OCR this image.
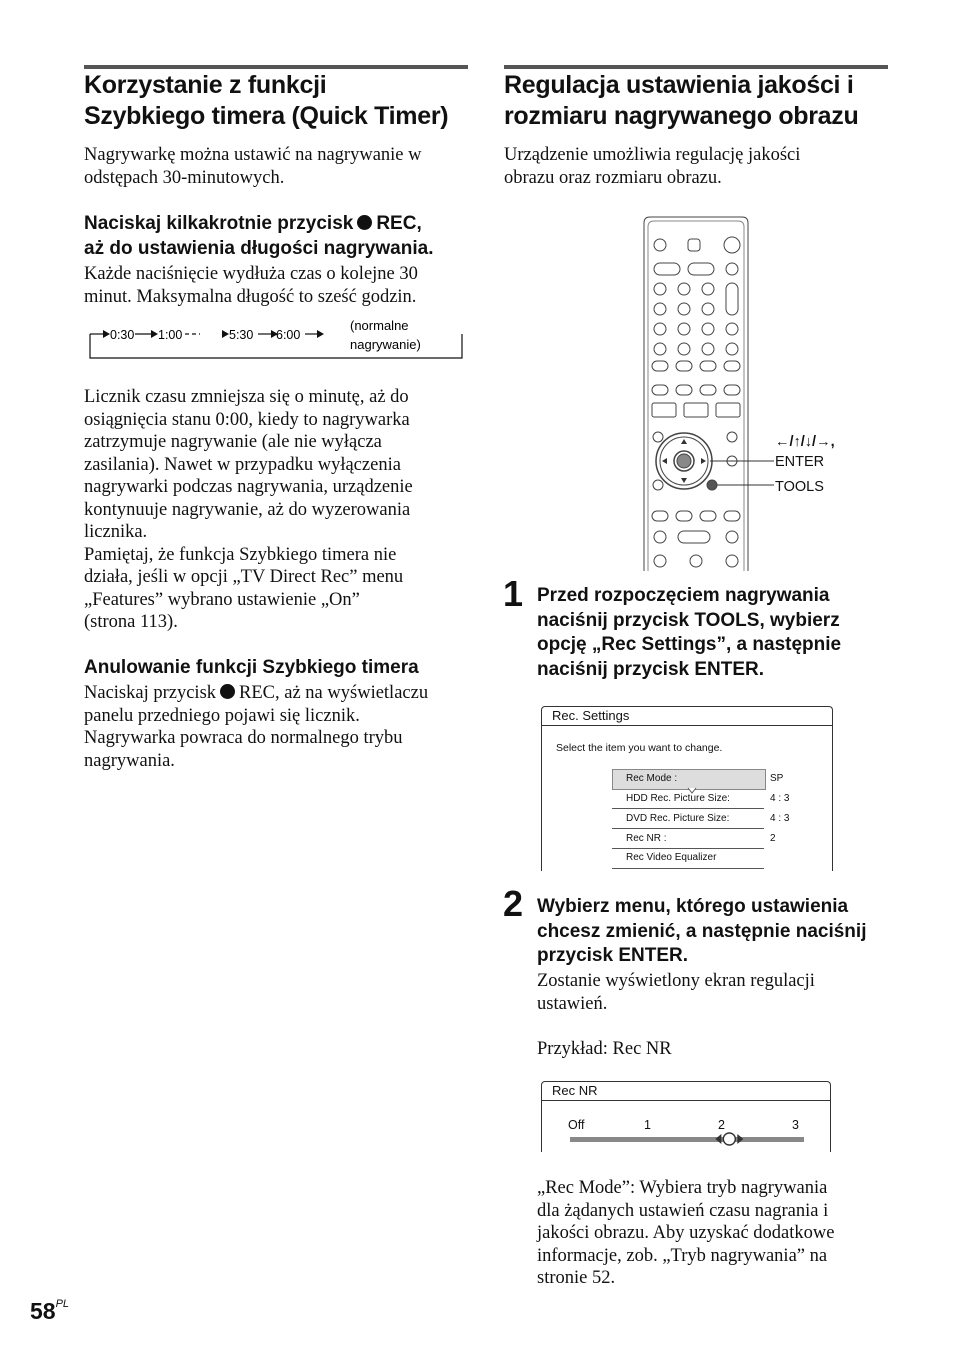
Korzystanie z funkcji
Szybkiego timera (Quick Timer)
Nagrywarkę można ustawić na nagrywanie w
odstępach 30-minutowych.
Naciskaj kilkakrotnie przycisk REC,
aż do ustawienia długości nagrywania.
Każde naciśnięcie wydłuża czas o kolejne 30
minut. Maksymalna długość to sześć godzin.
0:30 1:00	5:30 6:00
(normalne
nagrywanie)
Licznik czasu zmniejsza się o minutę, aż do
osiągnięcia stanu 0:00, kiedy to nagrywarka
zatrzymuje nagrywanie (ale nie wyłącza
zasilania). Nawet w przypadku wyłączenia
nagrywarki podczas nagrywania, urządzenie
kontynuuje nagrywanie, aż do wyzerowania
licznika.
Pamiętaj, że funkcja Szybkiego timera nie
działa, jeśli w opcji „TV Direct Rec” menu
„Features” wybrano ustawienie „On”
(strona 113).
Anulowanie funkcji Szybkiego timera
Naciskaj przycisk REC, aż na wyświetlaczu
panelu przedniego pojawi się licznik.
Nagrywarka powraca do normalnego trybu
nagrywania.
Regulacja ustawienia jakości i
rozmiaru nagrywanego obrazu
Urządzenie umożliwia regulację jakości
obrazu oraz rozmiaru obrazu.
←/↑/↓/→,
ENTER
TOOLS
1 Przed rozpoczęciem nagrywania
naciśnij przycisk TOOLS, wybierz
opcję „Rec Settings”, a następnie
naciśnij przycisk ENTER.
Rec. Settings
Select the item you want to change.
Rec Mode :	SP
HDD Rec. Picture Size:	4 : 3
DVD Rec. Picture Size:	4 : 3
Rec NR :	2
Rec Video Equalizer
2 Wybierz menu, którego ustawienia
chcesz zmienić, a następnie naciśnij
przycisk ENTER.
Zostanie wyświetlony ekran regulacji
ustawień.
Przykład: Rec NR
Rec NR
Off	1	2	3
„Rec Mode”: Wybiera tryb nagrywania
dla żądanych ustawień czasu nagrania i
jakości obrazu. Aby uzyskać dodatkowe
informacje, zob. „Tryb nagrywania” na
stronie 52.
$58^{PL}$
